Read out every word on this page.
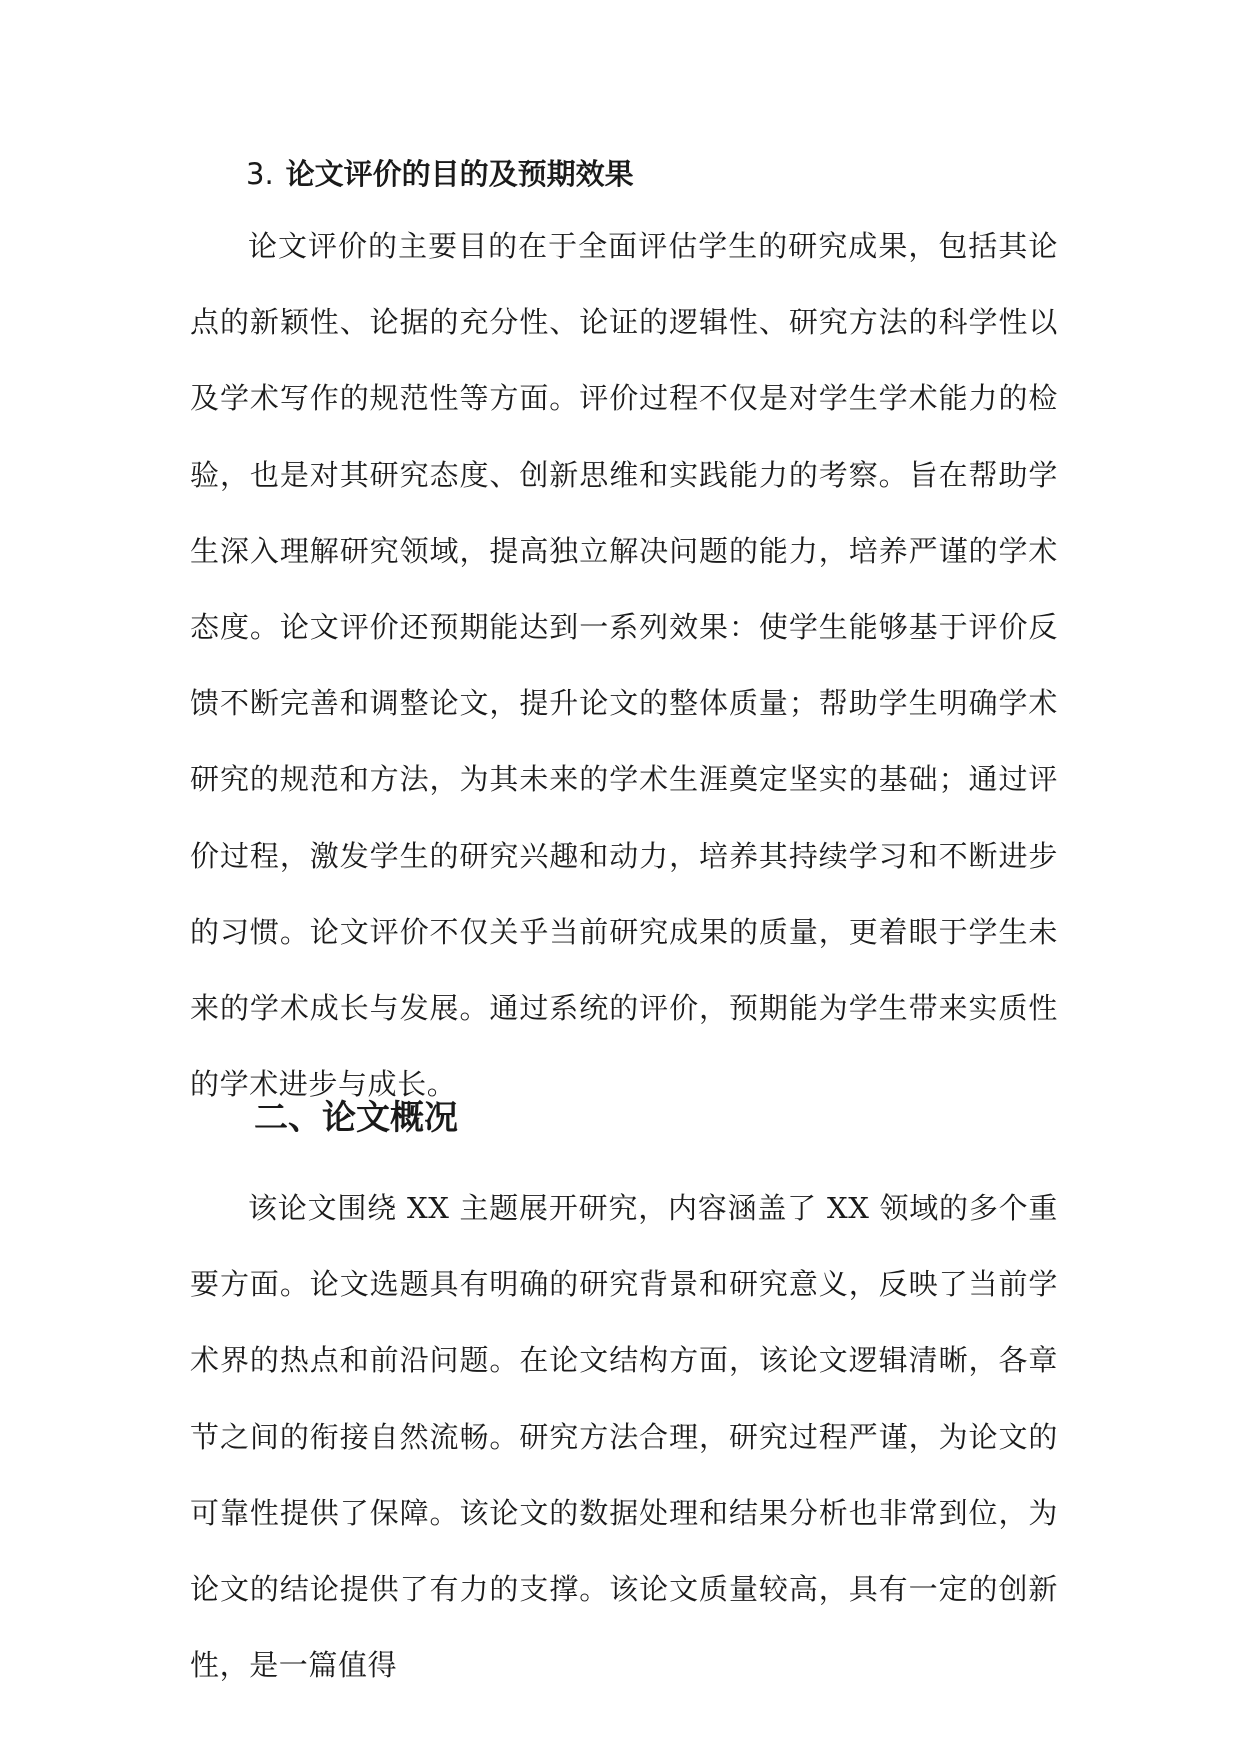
3. 论文评价的目的及预期效果

论文评价的主要目的在于全面评估学生的研究成果，包括其论点的新颖性、论据的充分性、论证的逻辑性、研究方法的科学性以及学术写作的规范性等方面。评价过程不仅是对学生学术能力的检验，也是对其研究态度、创新思维和实践能力的考察。旨在帮助学生深入理解研究领域，提高独立解决问题的能力，培养严谨的学术态度。论文评价还预期能达到一系列效果：使学生能够基于评价反馈不断完善和调整论文，提升论文的整体质量；帮助学生明确学术研究的规范和方法，为其未来的学术生涯奠定坚实的基础；通过评价过程，激发学生的研究兴趣和动力，培养其持续学习和不断进步的习惯。论文评价不仅关乎当前研究成果的质量，更着眼于学生未来的学术成长与发展。通过系统的评价，预期能为学生带来实质性的学术进步与成长。

二、论文概况

该论文围绕 XX 主题展开研究，内容涵盖了 XX 领域的多个重要方面。论文选题具有明确的研究背景和研究意义，反映了当前学术界的热点和前沿问题。在论文结构方面，该论文逻辑清晰，各章节之间的衔接自然流畅。研究方法合理，研究过程严谨，为论文的可靠性提供了保障。该论文的数据处理和结果分析也非常到位，为论文的结论提供了有力的支撑。该论文质量较高，具有一定的创新性，是一篇值得
